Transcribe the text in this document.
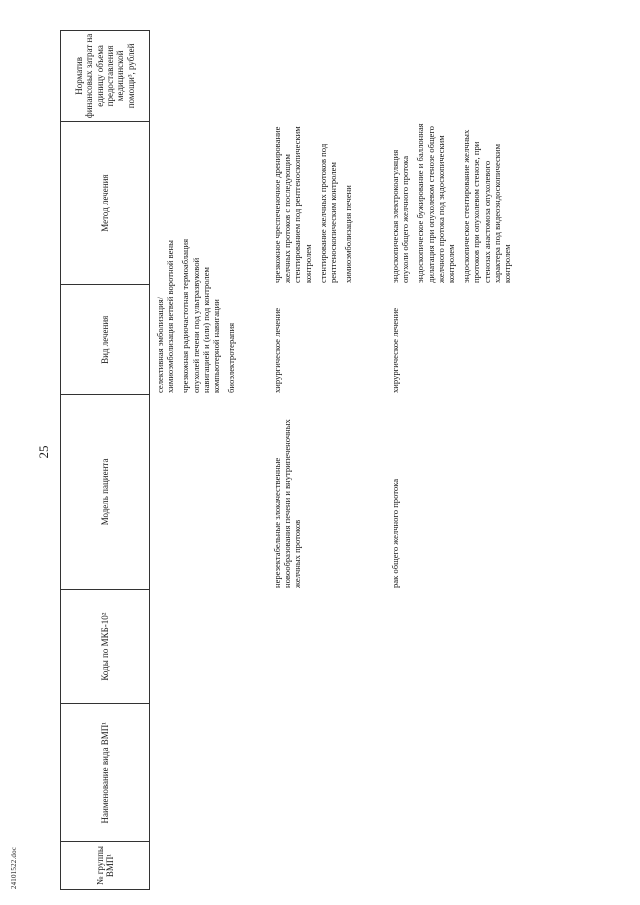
25
24101522.doc	№ группы ВМП¹
Наименование вида ВМП¹
Коды по МКБ-10²
Модель пациента
Вид лечения
Метод лечения
Норматив финансовых затрат на единицу объема предоставления медицинской помощи³, рублей

селективная эмболизация/химиоэмболизация ветвей воротной вены чрезкожная радиочастотная термоаблация опухолей печени под ультразвуковой навигацией и (или) под контролем компьютерной навигации биоэлектротерапия

нерезектабельные злокачественные новообразования печени и внутрипеченочных желчных протоков

хирургическое лечение

чрезкожное чреспеченочное дренирование желчных протоков с последующим стентированием под рентгеноскопическим контролем стентирование желчных протоков под рентгеноскопическим контролем химиоэмболизация печени

рак общего желчного протока

хирургическое лечение

эндоскопическая электрокоагуляция опухоли общего желчного протока эндоскопическое бужирование и баллонная дилатация при опухолевом стенозе общего желчного протока под эндоскопическим контролем эндоскопическое стентирование желчных протоков при опухолевом стенозе, при стенозах анастомоза опухолевого характера под видеоэндоскопическим контролем
